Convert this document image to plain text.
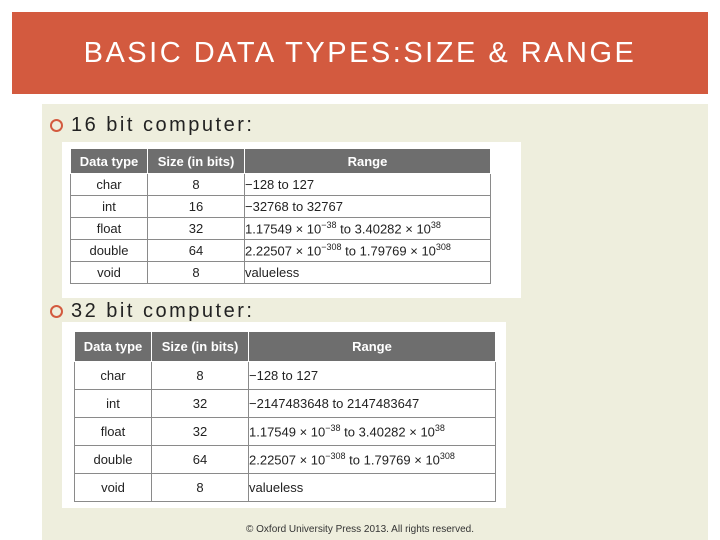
BASIC DATA TYPES:SIZE & RANGE
16 bit computer:
Data type	Size (in bits)	Range
char	8	−128 to 127
int	16	−32768 to 32767
float	32	$1.17549 \times 10^{-38}$ to $3.40282 \times 10^{38}$
double	64	$2.22507 \times 10^{-308}$ to $1.79769 \times 10^{308}$
void	8	valueless
32 bit computer:
Data type	Size (in bits)	Range
char	8	−128 to 127
int	32	−2147483648 to 2147483647
float	32	$1.17549 \times 10^{-38}$ to $3.40282 \times 10^{38}$
double	64	$2.22507 \times 10^{-308}$ to $1.79769 \times 10^{308}$
void	8	valueless
© Oxford University Press 2013. All rights reserved.
